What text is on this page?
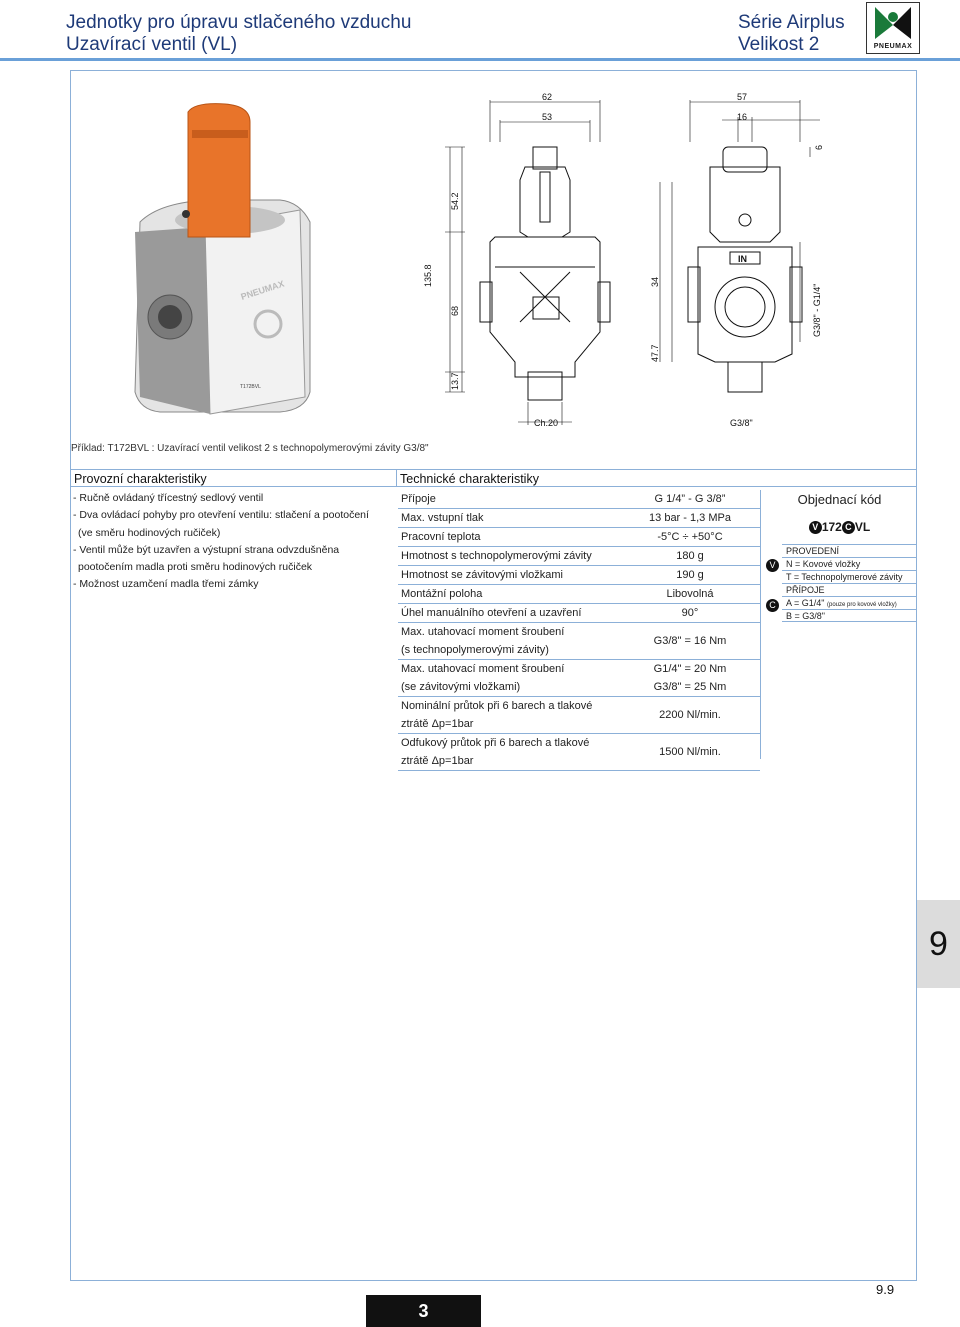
Jednotky pro úpravu stlačeného vzduchu
Uzavírací ventil (VL)
Série Airplus
Velikost 2	PNEUMAX
PNEUMAX
T172BVL
62
53
54.2
135.8
68
13.7
Ch.20
57
16
6
34
47.7
G3/8" - G1/4"
G3/8"
IN
Příklad: T172BVL : Uzavírací ventil velikost 2 s technopolymerovými závity G3/8"
Provozní charakteristiky	Technické charakteristiky
- Ručně ovládaný třícestný sedlový ventil
- Dva ovládací pohyby pro otevření ventilu: stlačení a pootočení
(ve směru hodinových ručiček)
- Ventil může být uzavřen a výstupní strana odvzdušněna
pootočením madla proti směru hodinových ručiček
- Možnost uzamčení madla třemi zámky
Přípoje	G 1/4” - G 3/8”
Max. vstupní tlak	13 bar - 1,3 MPa
Pracovní teplota	-5°C ÷ +50°C
Hmotnost s technopolymerovými závity	180 g
Hmotnost se závitovými vložkami	190 g
Montážní poloha	Libovolná
Úhel manuálního otevření a uzavření	90°
Max. utahovací moment šroubení
(s technopolymerovými závity)
G3/8" = 16 Nm
Max. utahovací moment šroubení
(se závitovými vložkami)
G1/4" = 20 Nm
G3/8" = 25 Nm
Nominální průtok při 6 barech a tlakové
ztrátě Δp=1bar
2200 Nl/min.
Odfukový průtok při 6 barech a tlakové
ztrátě Δp=1bar
1500 Nl/min.
Objednací kód
V 172 C VL
V
C
PROVEDENÍ
N = Kovové vložky
T = Technopolymerové závity
PŘÍPOJE
A = G1/4" (pouze pro kovové vložky)
B = G3/8"
9
3
9.9
